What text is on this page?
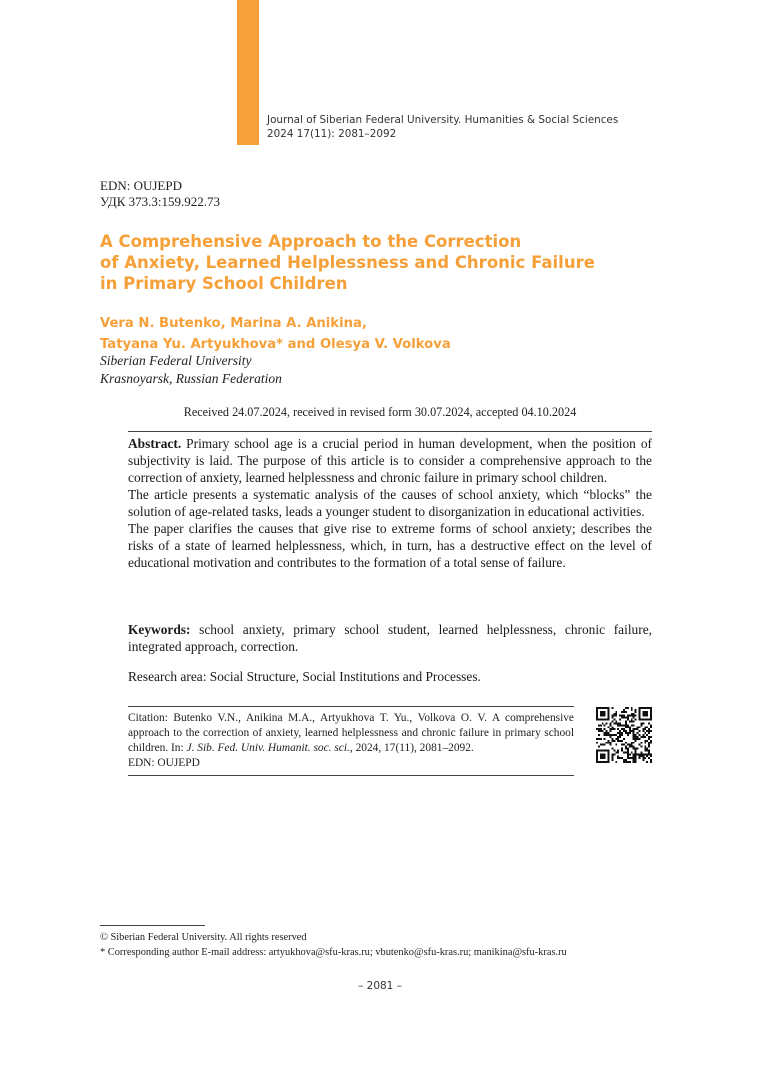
Journal of Siberian Federal University. Humanities & Social Sciences
2024 17(11): 2081–2092
EDN: OUJEPD
УДК 373.3:159.922.73
A Comprehensive Approach to the Correction
of Anxiety, Learned Helplessness and Chronic Failure
in Primary School Children
Vera N. Butenko, Marina A. Anikina,
Tatyana Yu. Artyukhova* and Olesya V. Volkova
Siberian Federal University
Krasnoyarsk, Russian Federation
Received 24.07.2024, received in revised form 30.07.2024, accepted 04.10.2024

Abstract. Primary school age is a crucial period in human development, when the position of subjectivity is laid. The purpose of this article is to consider a comprehensive approach to the correction of anxiety, learned helplessness and chronic failure in primary school children.

The article presents a systematic analysis of the causes of school anxiety, which “blocks” the solution of age-related tasks, leads a younger student to disorganization in educational activities.

The paper clarifies the causes that give rise to extreme forms of school anxiety; describes the risks of a state of learned helplessness, which, in turn, has a destructive effect on the level of educational motivation and contributes to the formation of a total sense of failure.

Keywords: school anxiety, primary school student, learned helplessness, chronic failure, integrated approach, correction.
Research area: Social Structure, Social Institutions and Processes.
Citation: Butenko V.N., Anikina M.A., Artyukhova T. Yu., Volkova O. V. A comprehensive approach to the correction of anxiety, learned helplessness and chronic failure in primary school children. In: J. Sib. Fed. Univ. Humanit. soc. sci., 2024, 17(11), 2081–2092.
EDN: OUJEPD
© Siberian Federal University. All rights reserved
* Corresponding author E-mail address: artyukhova@sfu-kras.ru; vbutenko@sfu-kras.ru; manikina@sfu-kras.ru
– 2081 –
